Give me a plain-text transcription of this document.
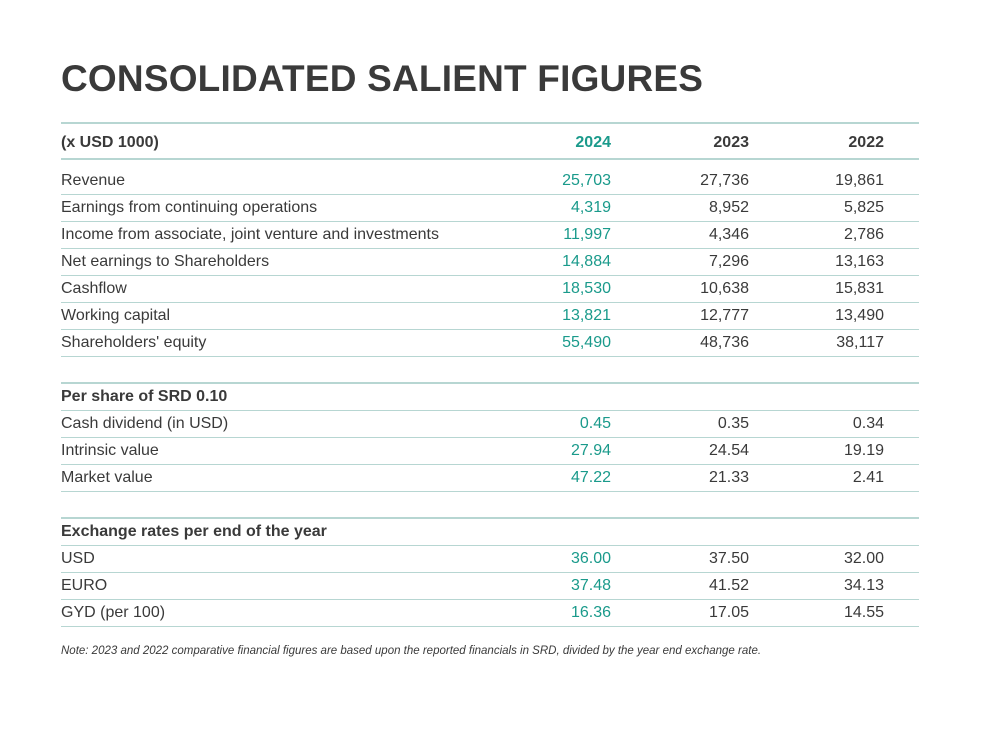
CONSOLIDATED SALIENT FIGURES
(x USD 1000)	2024	2023	2022
Revenue	25,703	27,736	19,861
Earnings from continuing operations	4,319	8,952	5,825
Income from associate, joint venture and investments	11,997	4,346	2,786
Net earnings to Shareholders	14,884	7,296	13,163
Cashflow	18,530	10,638	15,831
Working capital	13,821	12,777	13,490
Shareholders' equity	55,490	48,736	38,117
Per share of SRD 0.10
Cash dividend (in USD)	0.45	0.35	0.34
Intrinsic value	27.94	24.54	19.19
Market value	47.22	21.33	2.41
Exchange rates per end of the year
USD	36.00	37.50	32.00
EURO	37.48	41.52	34.13
GYD (per 100)	16.36	17.05	14.55
Note: 2023 and 2022 comparative financial figures are based upon the reported financials in SRD, divided by the year end exchange rate.
